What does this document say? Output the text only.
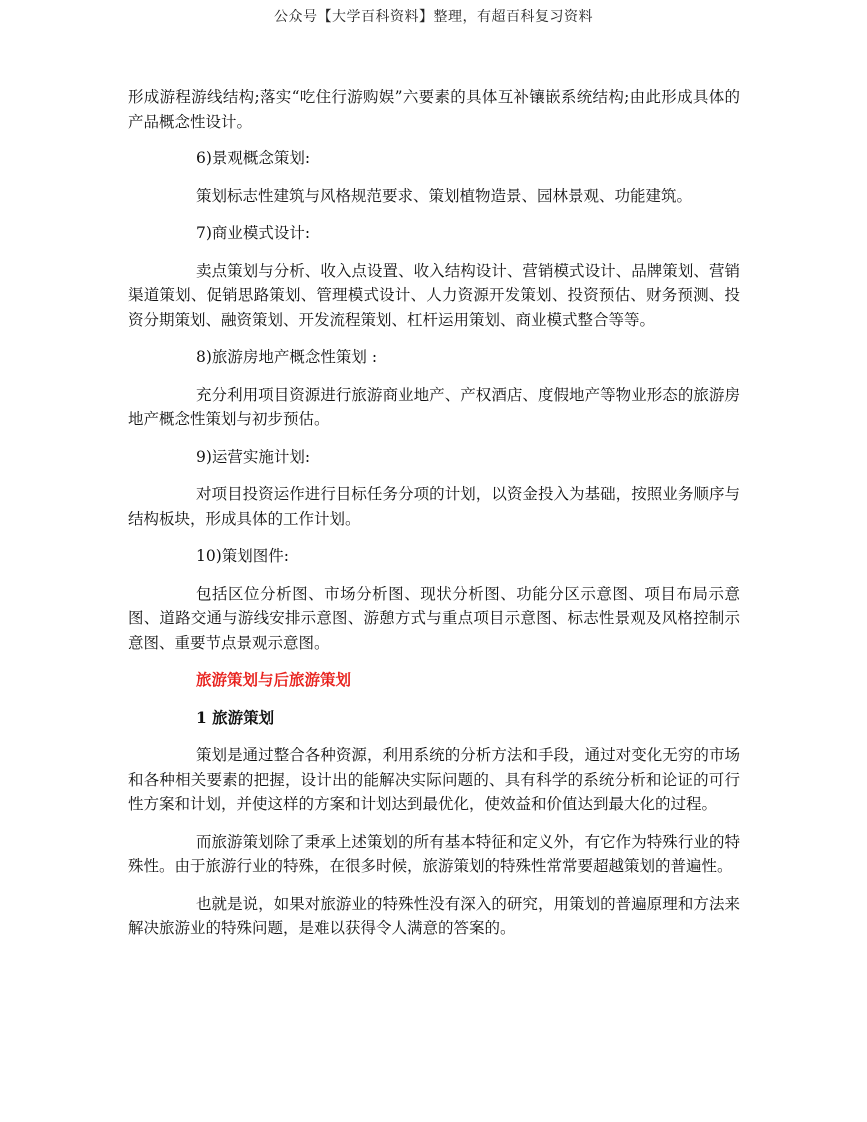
公众号【大学百科资料】整理，有超百科复习资料

形成游程游线结构;落实“吃住行游购娱”六要素的具体互补镶嵌系统结构;由此形成具体的产品概念性设计。

6)景观概念策划:

策划标志性建筑与风格规范要求、策划植物造景、园林景观、功能建筑。

7)商业模式设计:

卖点策划与分析、收入点设置、收入结构设计、营销模式设计、品牌策划、营销渠道策划、促销思路策划、管理模式设计、人力资源开发策划、投资预估、财务预测、投资分期策划、融资策划、开发流程策划、杠杆运用策划、商业模式整合等等。

8)旅游房地产概念性策划 :

充分利用项目资源进行旅游商业地产、产权酒店、度假地产等物业形态的旅游房地产概念性策划与初步预估。

9)运营实施计划:

对项目投资运作进行目标任务分项的计划，以资金投入为基础，按照业务顺序与结构板块，形成具体的工作计划。

10)策划图件:

包括区位分析图、市场分析图、现状分析图、功能分区示意图、项目布局示意图、道路交通与游线安排示意图、游憩方式与重点项目示意图、标志性景观及风格控制示意图、重要节点景观示意图。

旅游策划与后旅游策划

1 旅游策划

策划是通过整合各种资源，利用系统的分析方法和手段，通过对变化无穷的市场和各种相关要素的把握，设计出的能解决实际问题的、具有科学的系统分析和论证的可行性方案和计划，并使这样的方案和计划达到最优化，使效益和价值达到最大化的过程。

而旅游策划除了秉承上述策划的所有基本特征和定义外，有它作为特殊行业的特殊性。由于旅游行业的特殊，在很多时候，旅游策划的特殊性常常要超越策划的普遍性。

也就是说，如果对旅游业的特殊性没有深入的研究，用策划的普遍原理和方法来解决旅游业的特殊问题，是难以获得令人满意的答案的。
